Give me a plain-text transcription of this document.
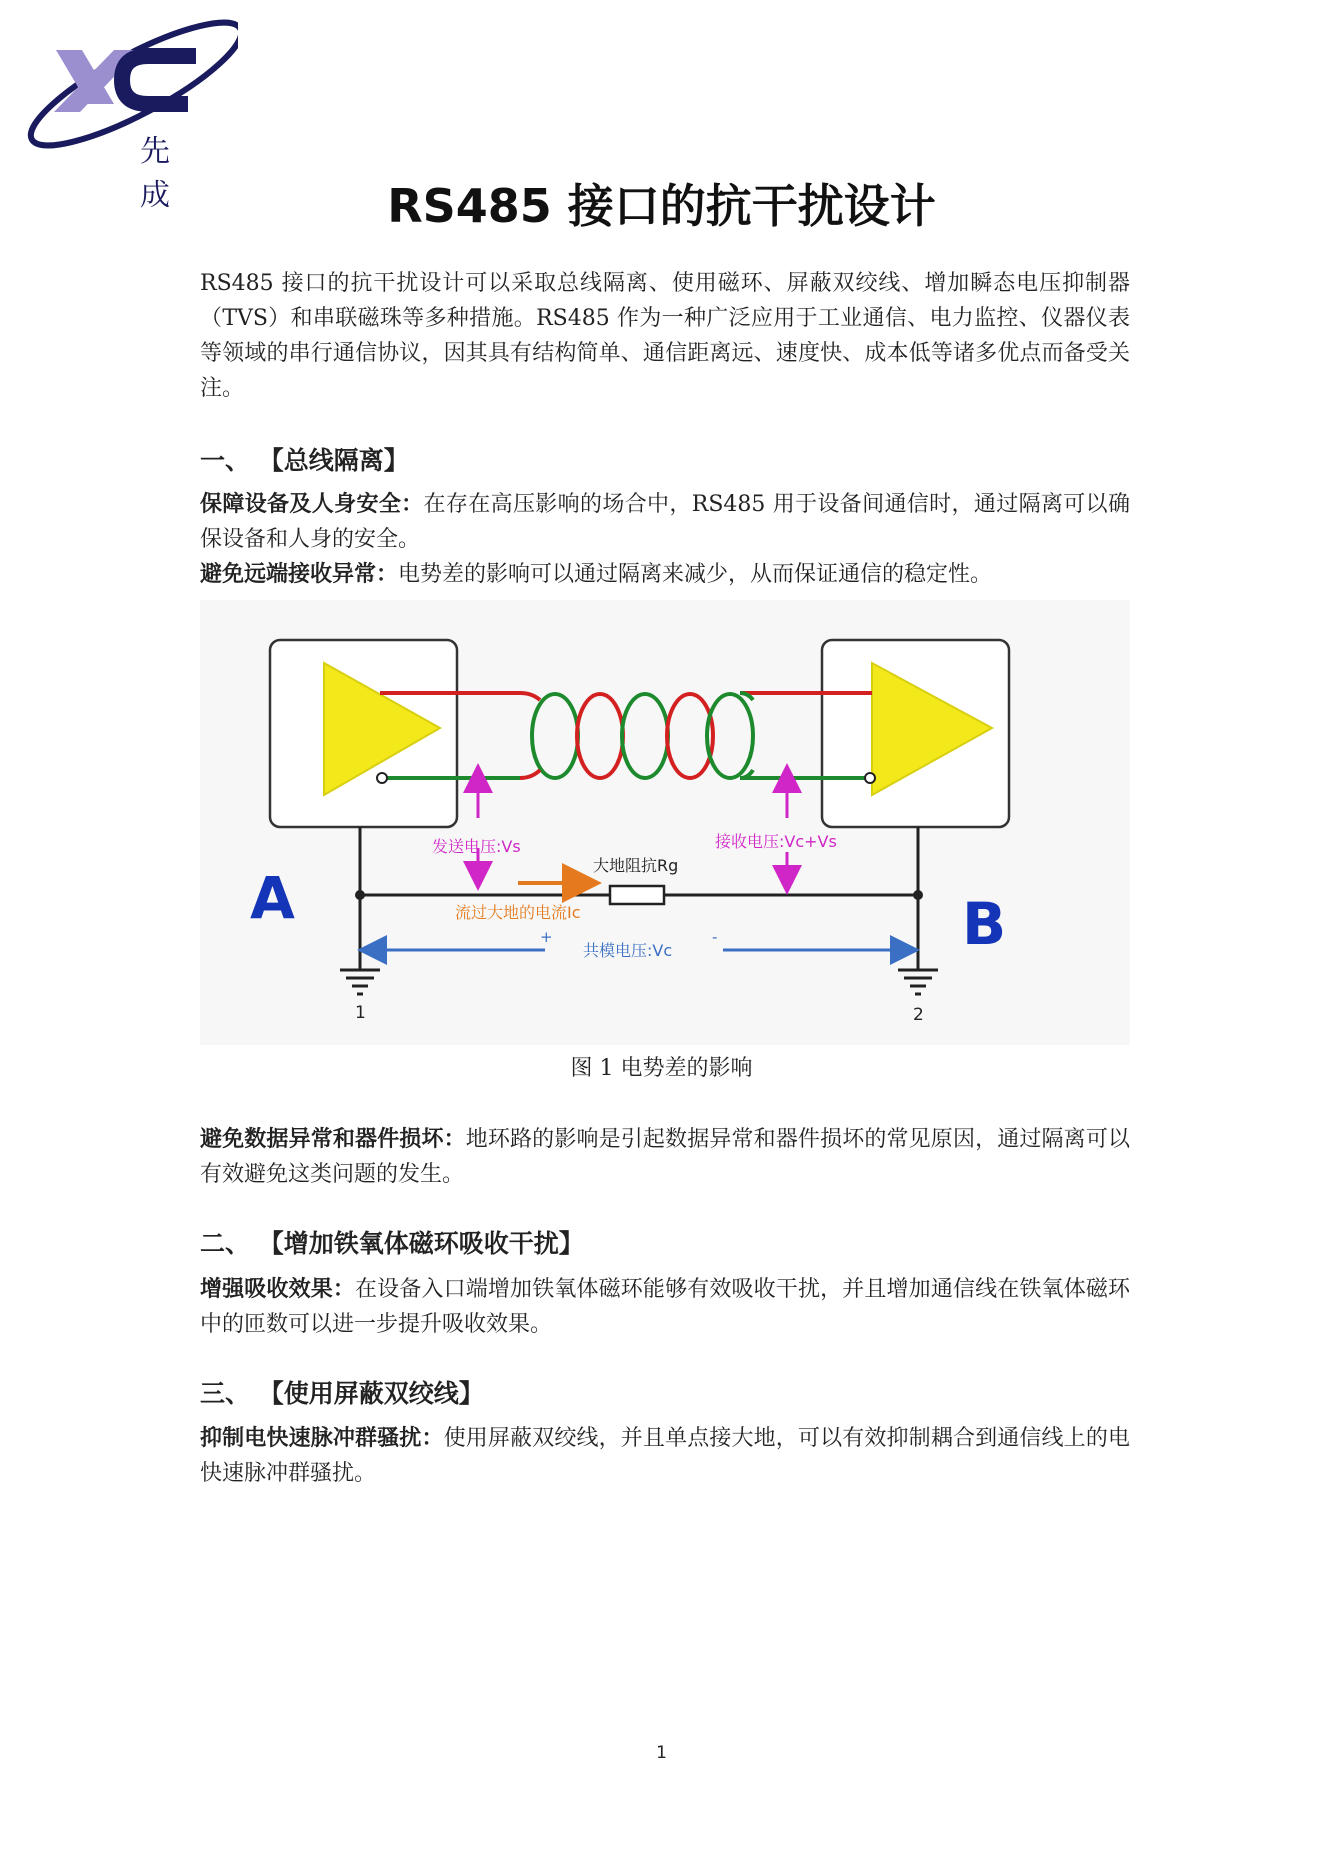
先 成	RS485 接口的抗干扰设计

RS485 接口的抗干扰设计可以采取总线隔离、使用磁环、屏蔽双绞线、增加瞬态电压抑制器（TVS）和串联磁珠等多种措施。RS485 作为一种广泛应用于工业通信、电力监控、仪器仪表等领域的串行通信协议，因其具有结构简单、通信距离远、速度快、成本低等诸多优点而备受关注。

一、 【总线隔离】

保障设备及人身安全：在存在高压影响的场合中，RS485 用于设备间通信时，通过隔离可以确保设备和人身的安全。

避免远端接收异常：电势差的影响可以通过隔离来减少，从而保证通信的稳定性。

A	B
发送电压:Vs	接收电压:Vc+Vs
大地阻抗Rg
流过大地的电流Ic
共模电压:Vc
+	-
1	2
图 1 电势差的影响

避免数据异常和器件损坏：地环路的影响是引起数据异常和器件损坏的常见原因，通过隔离可以有效避免这类问题的发生。

二、 【增加铁氧体磁环吸收干扰】

增强吸收效果：在设备入口端增加铁氧体磁环能够有效吸收干扰，并且增加通信线在铁氧体磁环中的匝数可以进一步提升吸收效果。

三、 【使用屏蔽双绞线】

抑制电快速脉冲群骚扰：使用屏蔽双绞线，并且单点接大地，可以有效抑制耦合到通信线上的电快速脉冲群骚扰。

1
